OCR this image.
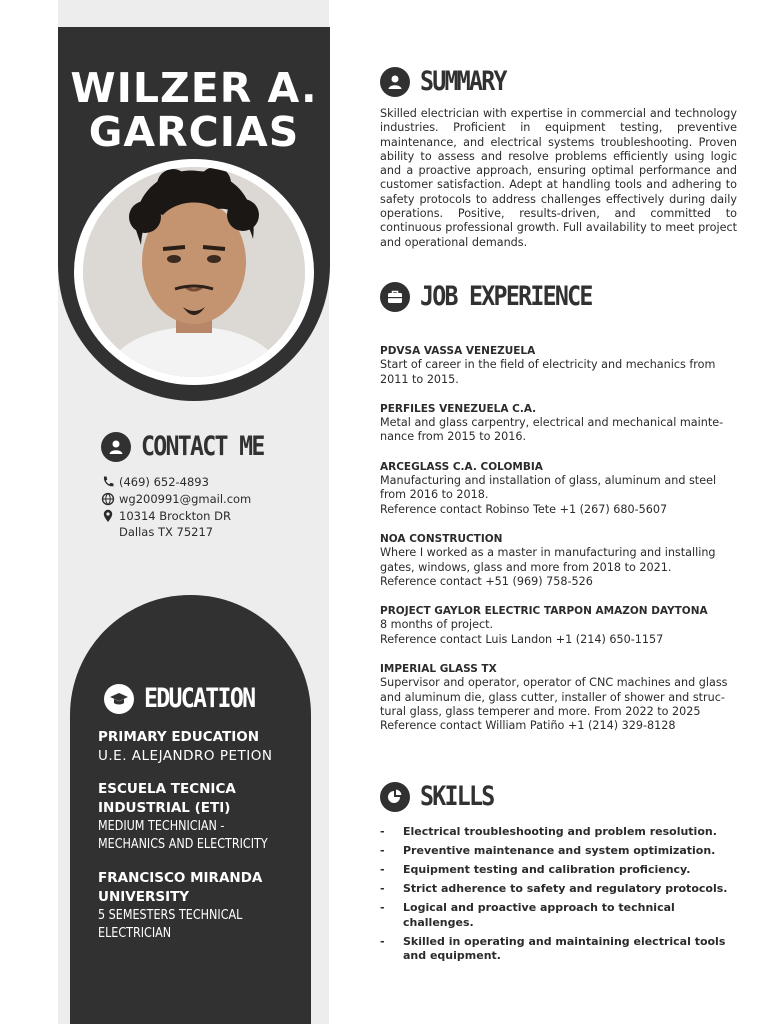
WILZER A.
GARCIAS
CONTACT ME
(469) 652-4893
wg200991@gmail.com
10314 Brockton DR
Dallas TX 75217
EDUCATION
PRIMARY EDUCATION
U.E. ALEJANDRO PETION
ESCUELA TECNICA INDUSTRIAL (ETI)
MEDIUM TECHNICIAN - MECHANICS AND ELECTRICITY
FRANCISCO MIRANDA UNIVERSITY
5 SEMESTERS TECHNICAL ELECTRICIAN
SUMMARY
Skilled electrician with expertise in commercial and technology industries. Proficient in equipment testing, preventive maintenance, and electrical systems troubleshooting. Proven ability to assess and resolve problems efficiently using logic and a proactive approach, ensuring optimal performance and customer satisfaction. Adept at handling tools and adhering to safety protocols to address challenges effectively during daily operations. Positive, results-driven, and committed to continuous professional growth. Full availability to meet project and operational demands.
JOB EXPERIENCE
PDVSA VASSA VENEZUELA
Start of career in the field of electricity and mechanics from 2011 to 2015.
PERFILES VENEZUELA C.A.
Metal and glass carpentry, electrical and mechanical mainte-nance from 2015 to 2016.
ARCEGLASS C.A. COLOMBIA
Manufacturing and installation of glass, aluminum and steel from 2016 to 2018.
Reference contact Robinso Tete +1 (267) 680-5607
NOA CONSTRUCTION
Where I worked as a master in manufacturing and installing gates, windows, glass and more from 2018 to 2021.
Reference contact +51 (969) 758-526
PROJECT GAYLOR ELECTRIC TARPON AMAZON DAYTONA
8 months of project.
Reference contact Luis Landon +1 (214) 650-1157
IMPERIAL GLASS TX
Supervisor and operator, operator of CNC machines and glass and aluminum die, glass cutter, installer of shower and struc-tural glass, glass temperer and more. From 2022 to 2025
Reference contact William Patiño +1 (214) 329-8128
SKILLS
-	Electrical troubleshooting and problem resolution.
-	Preventive maintenance and system optimization.
-	Equipment testing and calibration proficiency.
-	Strict adherence to safety and regulatory protocols.
-	Logical and proactive approach to technical challenges.
-	Skilled in operating and maintaining electrical tools and equipment.
